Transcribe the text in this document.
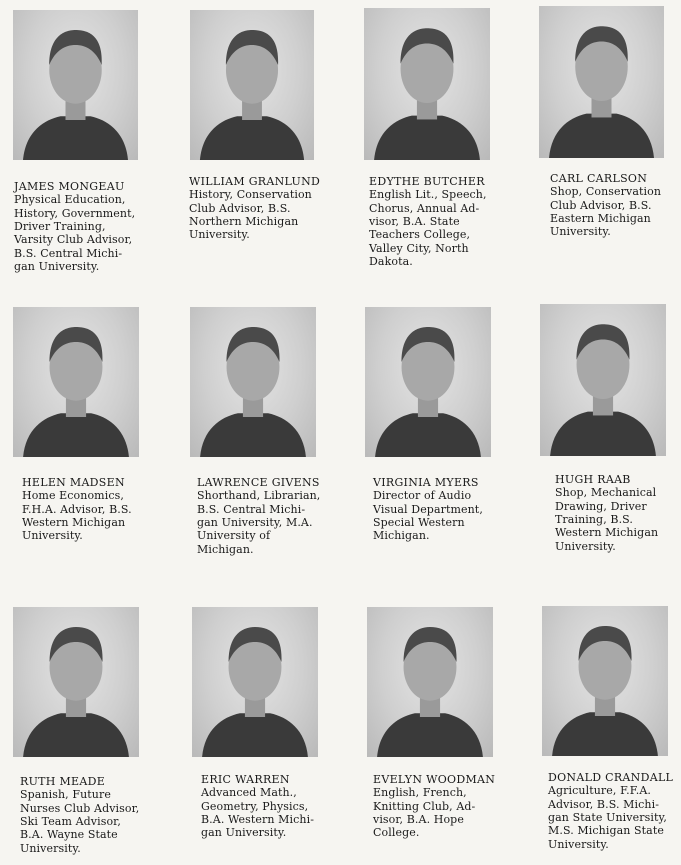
JAMES MONGEAU
Physical Education,
History, Government,
Driver Training,
Varsity Club Advisor,
B.S. Central Michi-
gan University.
WILLIAM GRANLUND
History, Conservation
Club Advisor, B.S.
Northern Michigan
University.
EDYTHE BUTCHER
English Lit., Speech,
Chorus, Annual Ad-
visor, B.A. State
Teachers College,
Valley City, North
Dakota.
CARL CARLSON
Shop, Conservation
Club Advisor, B.S.
Eastern Michigan
University.
HELEN MADSEN
Home Economics,
F.H.A. Advisor, B.S.
Western Michigan
University.
LAWRENCE GIVENS
Shorthand, Librarian,
B.S. Central Michi-
gan University, M.A.
University of
Michigan.
VIRGINIA MYERS
Director of Audio
Visual Department,
Special Western
Michigan.
HUGH RAAB
Shop, Mechanical
Drawing, Driver
Training, B.S.
Western Michigan
University.
RUTH MEADE
Spanish, Future
Nurses Club Advisor,
Ski Team Advisor,
B.A. Wayne State
University.
ERIC WARREN
Advanced Math.,
Geometry, Physics,
B.A. Western Michi-
gan University.
EVELYN WOODMAN
English, French,
Knitting Club, Ad-
visor, B.A. Hope
College.
DONALD CRANDALL
Agriculture, F.F.A.
Advisor, B.S. Michi-
gan State University,
M.S. Michigan State
University.
